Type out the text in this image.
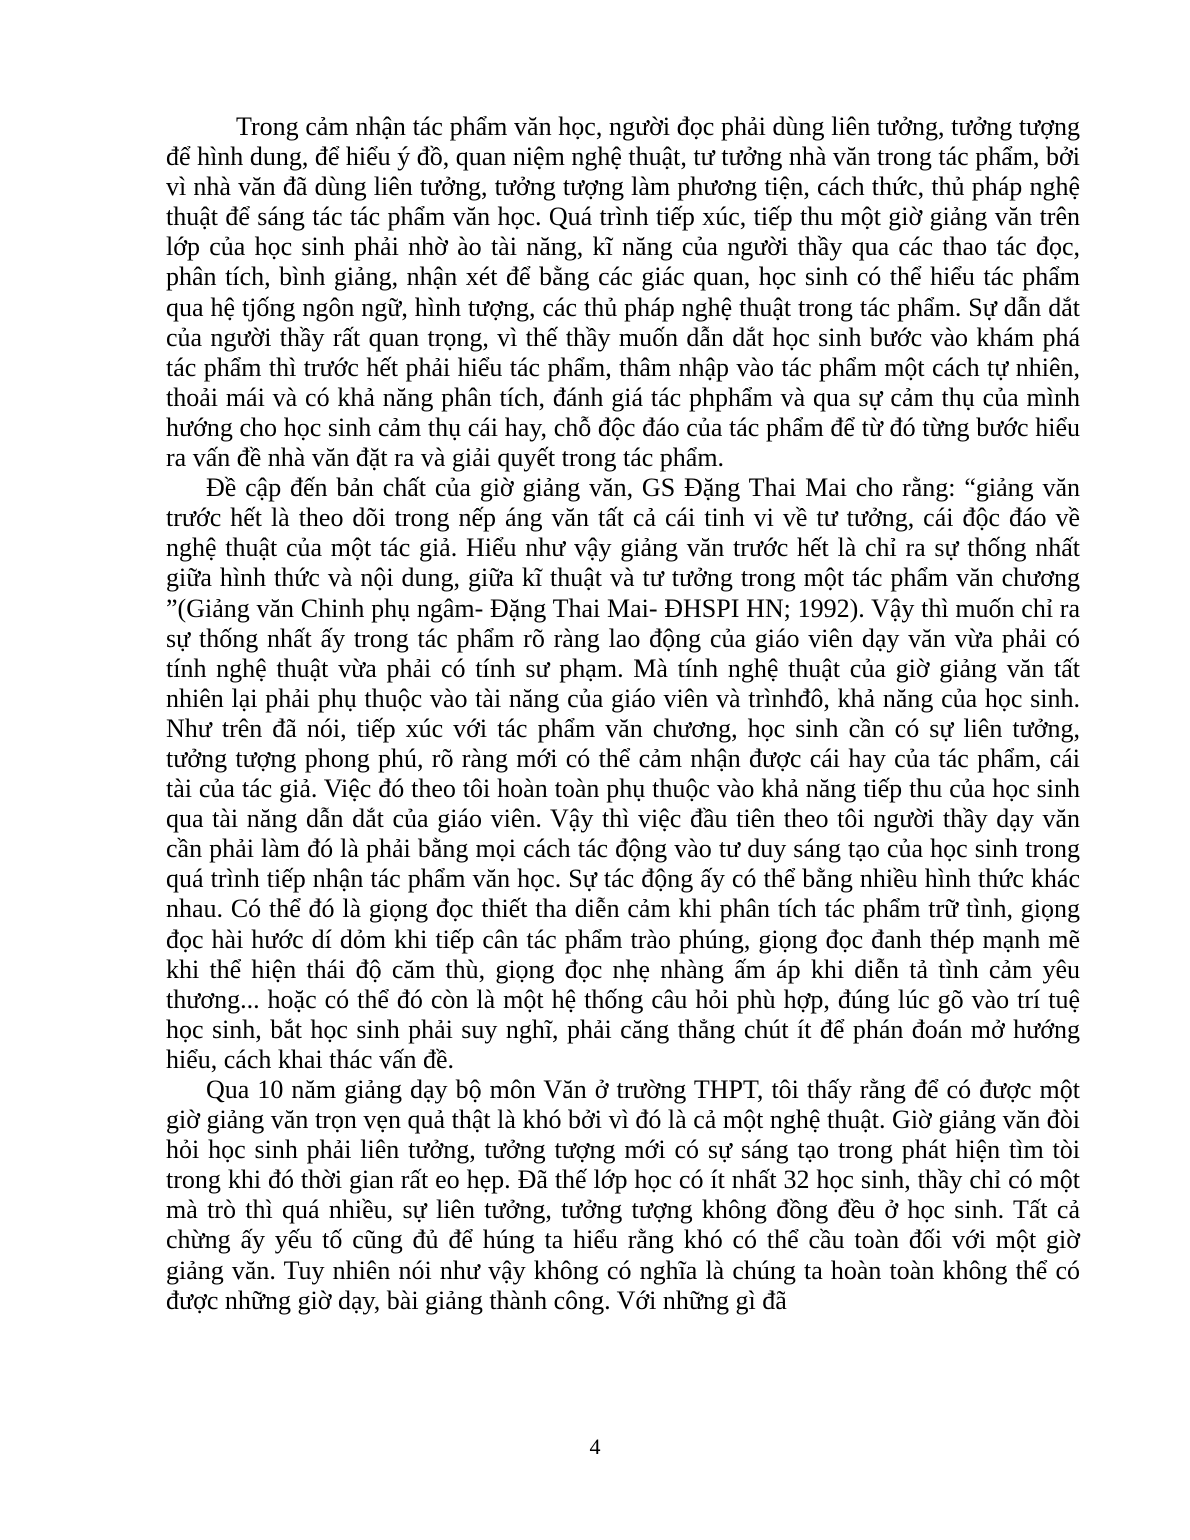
Trong cảm nhận tác phẩm văn học, người đọc phải dùng liên tưởng, tưởng tượng để hình dung, để hiểu ý đồ, quan niệm nghệ thuật, tư tưởng nhà văn trong tác phẩm, bởi vì nhà văn đã dùng liên tưởng, tưởng tượng làm phương tiện, cách thức, thủ pháp nghệ thuật để sáng tác tác phẩm văn học. Quá trình tiếp xúc, tiếp thu một giờ giảng văn trên lớp của học sinh phải nhờ ào tài năng, kĩ năng của người thầy qua các thao tác đọc, phân tích, bình giảng, nhận xét để bằng các giác quan, học sinh có thể hiểu tác phẩm qua hệ tjống ngôn ngữ, hình tượng, các thủ pháp nghệ thuật trong tác phẩm. Sự dẫn dắt của người thầy rất quan trọng, vì thế thầy muốn dẫn dắt học sinh bước vào khám phá tác phẩm thì trước hết phải hiểu tác phẩm, thâm nhập vào tác phẩm một cách tự nhiên, thoải mái và có khả năng phân tích, đánh giá tác phphẩm và qua sự cảm thụ của mình hướng cho học sinh cảm thụ cái hay, chỗ độc đáo của tác phẩm để từ đó từng bước hiểu ra vấn đề nhà văn đặt ra và giải quyết trong tác phẩm.

Đề cập đến bản chất của giờ giảng văn, GS Đặng Thai Mai cho rằng: “giảng văn trước hết là theo dõi trong nếp áng văn tất cả cái tinh vi về tư tưởng, cái độc đáo về nghệ thuật của một tác giả. Hiểu như vậy giảng văn trước hết là chỉ ra sự thống nhất giữa hình thức và nội dung, giữa kĩ thuật và tư tưởng trong một tác phẩm văn chương ”(Giảng văn Chinh phụ ngâm- Đặng Thai Mai- ĐHSPI HN; 1992). Vậy thì muốn chỉ ra sự thống nhất ấy trong tác phẩm rõ ràng lao động của giáo viên dạy văn vừa phải có tính nghệ thuật vừa phải có tính sư phạm. Mà tính nghệ thuật của giờ giảng văn tất nhiên lại phải phụ thuộc vào tài năng của giáo viên và trìnhđô, khả năng của học sinh. Như trên đã nói, tiếp xúc với tác phẩm văn chương, học sinh cần có sự liên tưởng, tưởng tượng phong phú, rõ ràng mới có thể cảm nhận được cái hay của tác phẩm, cái tài của tác giả. Việc đó theo tôi hoàn toàn phụ thuộc vào khả năng tiếp thu của học sinh qua tài năng dẫn dắt của giáo viên. Vậy thì việc đầu tiên theo tôi người thầy dạy văn cần phải làm đó là phải bằng mọi cách tác động vào tư duy sáng tạo của học sinh trong quá trình tiếp nhận tác phẩm văn học. Sự tác động ấy có thể bằng nhiều hình thức khác nhau. Có thể đó là giọng đọc thiết tha diễn cảm khi phân tích tác phẩm trữ tình, giọng đọc hài hước dí dỏm khi tiếp cân tác phẩm trào phúng, giọng đọc đanh thép mạnh mẽ khi thể hiện thái độ căm thù, giọng đọc nhẹ nhàng ấm áp khi diễn tả tình cảm yêu thương... hoặc có thể đó còn là một hệ thống câu hỏi phù hợp, đúng lúc gõ vào trí tuệ học sinh, bắt học sinh phải suy nghĩ, phải căng thẳng chút ít để phán đoán mở hướng hiểu, cách khai thác vấn đề.

Qua 10 năm giảng dạy bộ môn Văn ở trường THPT, tôi thấy rằng để có được một giờ giảng văn trọn vẹn quả thật là khó bởi vì đó là cả một nghệ thuật. Giờ giảng văn đòi hỏi học sinh phải liên tưởng, tưởng tượng mới có sự sáng tạo trong phát hiện tìm tòi trong khi đó thời gian rất eo hẹp. Đã thế lớp học có ít nhất 32 học sinh, thầy chỉ có một mà trò thì quá nhiều, sự liên tưởng, tưởng tượng không đồng đều ở học sinh. Tất cả chừng ấy yếu tố cũng đủ để húng ta hiểu rằng khó có thể cầu toàn đối với một giờ giảng văn. Tuy nhiên nói như vậy không có nghĩa là chúng ta hoàn toàn không thể có được những giờ dạy, bài giảng thành công. Với những gì đã

4
